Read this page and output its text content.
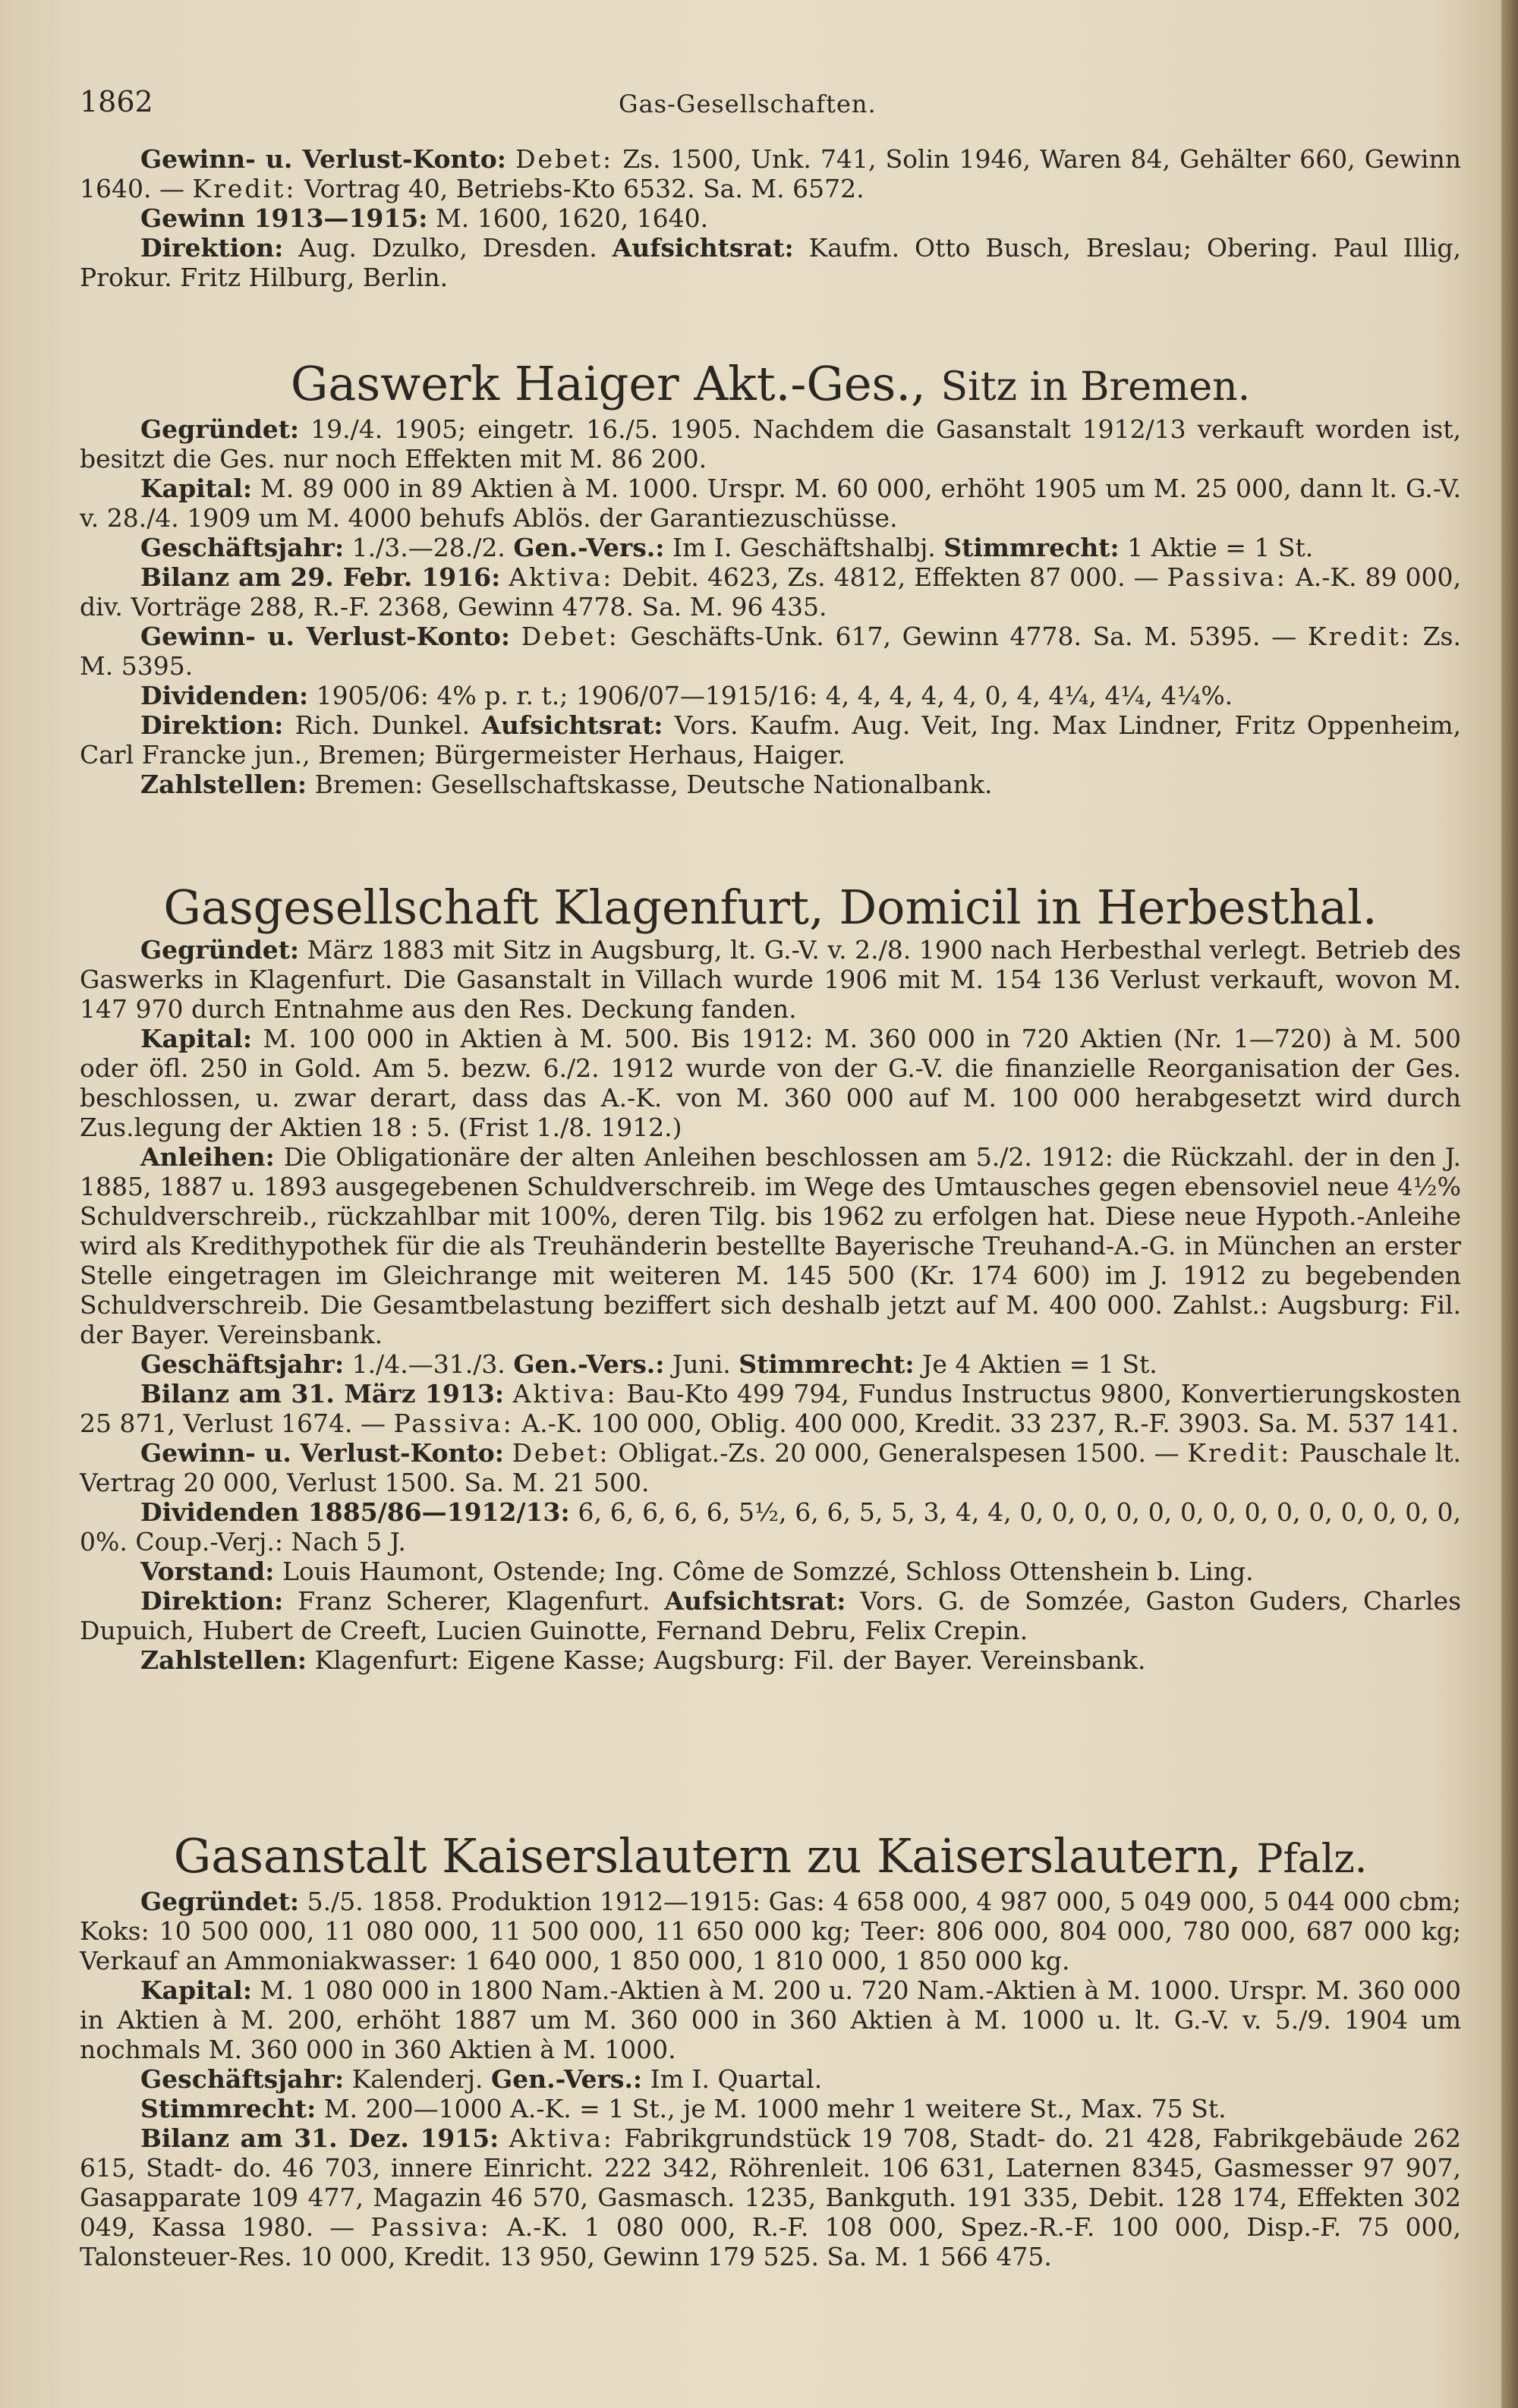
1862	Gas-Gesellschaften.

Gewinn- u. Verlust-Konto: Debet: Zs. 1500, Unk. 741, Solin 1946, Waren 84, Gehälter 660, Gewinn 1640. — Kredit: Vortrag 40, Betriebs-Kto 6532. Sa. M. 6572.

Gewinn 1913—1915: M. 1600, 1620, 1640.

Direktion: Aug. Dzulko, Dresden. Aufsichtsrat: Kaufm. Otto Busch, Breslau; Obering. Paul Illig, Prokur. Fritz Hilburg, Berlin.

Gaswerk Haiger Akt.-Ges., Sitz in Bremen.

Gegründet: 19./4. 1905; eingetr. 16./5. 1905. Nachdem die Gasanstalt 1912/13 verkauft worden ist, besitzt die Ges. nur noch Effekten mit M. 86 200.

Kapital: M. 89 000 in 89 Aktien à M. 1000. Urspr. M. 60 000, erhöht 1905 um M. 25 000, dann lt. G.-V. v. 28./4. 1909 um M. 4000 behufs Ablös. der Garantiezuschüsse.

Geschäftsjahr: 1./3.—28./2. Gen.-Vers.: Im I. Geschäftshalbj. Stimmrecht: 1 Aktie = 1 St.

Bilanz am 29. Febr. 1916: Aktiva: Debit. 4623, Zs. 4812, Effekten 87 000. — Passiva: A.-K. 89 000, div. Vorträge 288, R.-F. 2368, Gewinn 4778. Sa. M. 96 435.

Gewinn- u. Verlust-Konto: Debet: Geschäfts-Unk. 617, Gewinn 4778. Sa. M. 5395. — Kredit: Zs. M. 5395.

Dividenden: 1905/06: 4% p. r. t.; 1906/07—1915/16: 4, 4, 4, 4, 4, 0, 4, 4¼, 4¼, 4¼%.

Direktion: Rich. Dunkel. Aufsichtsrat: Vors. Kaufm. Aug. Veit, Ing. Max Lindner, Fritz Oppenheim, Carl Francke jun., Bremen; Bürgermeister Herhaus, Haiger.

Zahlstellen: Bremen: Gesellschaftskasse, Deutsche Nationalbank.

Gasgesellschaft Klagenfurt, Domicil in Herbesthal.

Gegründet: März 1883 mit Sitz in Augsburg, lt. G.-V. v. 2./8. 1900 nach Herbesthal verlegt. Betrieb des Gaswerks in Klagenfurt. Die Gasanstalt in Villach wurde 1906 mit M. 154 136 Verlust verkauft, wovon M. 147 970 durch Entnahme aus den Res. Deckung fanden.

Kapital: M. 100 000 in Aktien à M. 500. Bis 1912: M. 360 000 in 720 Aktien (Nr. 1—720) à M. 500 oder öfl. 250 in Gold. Am 5. bezw. 6./2. 1912 wurde von der G.-V. die finanzielle Reorganisation der Ges. beschlossen, u. zwar derart, dass das A.-K. von M. 360 000 auf M. 100 000 herabgesetzt wird durch Zus.legung der Aktien 18 : 5. (Frist 1./8. 1912.)

Anleihen: Die Obligationäre der alten Anleihen beschlossen am 5./2. 1912: die Rückzahl. der in den J. 1885, 1887 u. 1893 ausgegebenen Schuldverschreib. im Wege des Umtausches gegen ebensoviel neue 4½% Schuldverschreib., rückzahlbar mit 100%, deren Tilg. bis 1962 zu erfolgen hat. Diese neue Hypoth.-Anleihe wird als Kredithypothek für die als Treuhänderin bestellte Bayerische Treuhand-A.-G. in München an erster Stelle eingetragen im Gleichrange mit weiteren M. 145 500 (Kr. 174 600) im J. 1912 zu begebenden Schuldverschreib. Die Gesamtbelastung beziffert sich deshalb jetzt auf M. 400 000. Zahlst.: Augsburg: Fil. der Bayer. Vereinsbank.

Geschäftsjahr: 1./4.—31./3. Gen.-Vers.: Juni. Stimmrecht: Je 4 Aktien = 1 St.

Bilanz am 31. März 1913: Aktiva: Bau-Kto 499 794, Fundus Instructus 9800, Konvertierungskosten 25 871, Verlust 1674. — Passiva: A.-K. 100 000, Oblig. 400 000, Kredit. 33 237, R.-F. 3903. Sa. M. 537 141.

Gewinn- u. Verlust-Konto: Debet: Obligat.-Zs. 20 000, Generalspesen 1500. — Kredit: Pauschale lt. Vertrag 20 000, Verlust 1500. Sa. M. 21 500.

Dividenden 1885/86—1912/13: 6, 6, 6, 6, 6, 5½, 6, 6, 5, 5, 3, 4, 4, 0, 0, 0, 0, 0, 0, 0, 0, 0, 0, 0, 0, 0, 0, 0%. Coup.-Verj.: Nach 5 J.

Vorstand: Louis Haumont, Ostende; Ing. Côme de Somzzé, Schloss Ottenshein b. Ling.

Direktion: Franz Scherer, Klagenfurt. Aufsichtsrat: Vors. G. de Somzée, Gaston Guders, Charles Dupuich, Hubert de Creeft, Lucien Guinotte, Fernand Debru, Felix Crepin.

Zahlstellen: Klagenfurt: Eigene Kasse; Augsburg: Fil. der Bayer. Vereinsbank.

Gasanstalt Kaiserslautern zu Kaiserslautern, Pfalz.

Gegründet: 5./5. 1858. Produktion 1912—1915: Gas: 4 658 000, 4 987 000, 5 049 000, 5 044 000 cbm; Koks: 10 500 000, 11 080 000, 11 500 000, 11 650 000 kg; Teer: 806 000, 804 000, 780 000, 687 000 kg; Verkauf an Ammoniakwasser: 1 640 000, 1 850 000, 1 810 000, 1 850 000 kg.

Kapital: M. 1 080 000 in 1800 Nam.-Aktien à M. 200 u. 720 Nam.-Aktien à M. 1000. Urspr. M. 360 000 in Aktien à M. 200, erhöht 1887 um M. 360 000 in 360 Aktien à M. 1000 u. lt. G.-V. v. 5./9. 1904 um nochmals M. 360 000 in 360 Aktien à M. 1000.

Geschäftsjahr: Kalenderj. Gen.-Vers.: Im I. Quartal.

Stimmrecht: M. 200—1000 A.-K. = 1 St., je M. 1000 mehr 1 weitere St., Max. 75 St.

Bilanz am 31. Dez. 1915: Aktiva: Fabrikgrundstück 19 708, Stadt- do. 21 428, Fabrikgebäude 262 615, Stadt- do. 46 703, innere Einricht. 222 342, Röhrenleit. 106 631, Laternen 8345, Gasmesser 97 907, Gasapparate 109 477, Magazin 46 570, Gasmasch. 1235, Bankguth. 191 335, Debit. 128 174, Effekten 302 049, Kassa 1980. — Passiva: A.-K. 1 080 000, R.-F. 108 000, Spez.-R.-F. 100 000, Disp.-F. 75 000, Talonsteuer-Res. 10 000, Kredit. 13 950, Gewinn 179 525. Sa. M. 1 566 475.
